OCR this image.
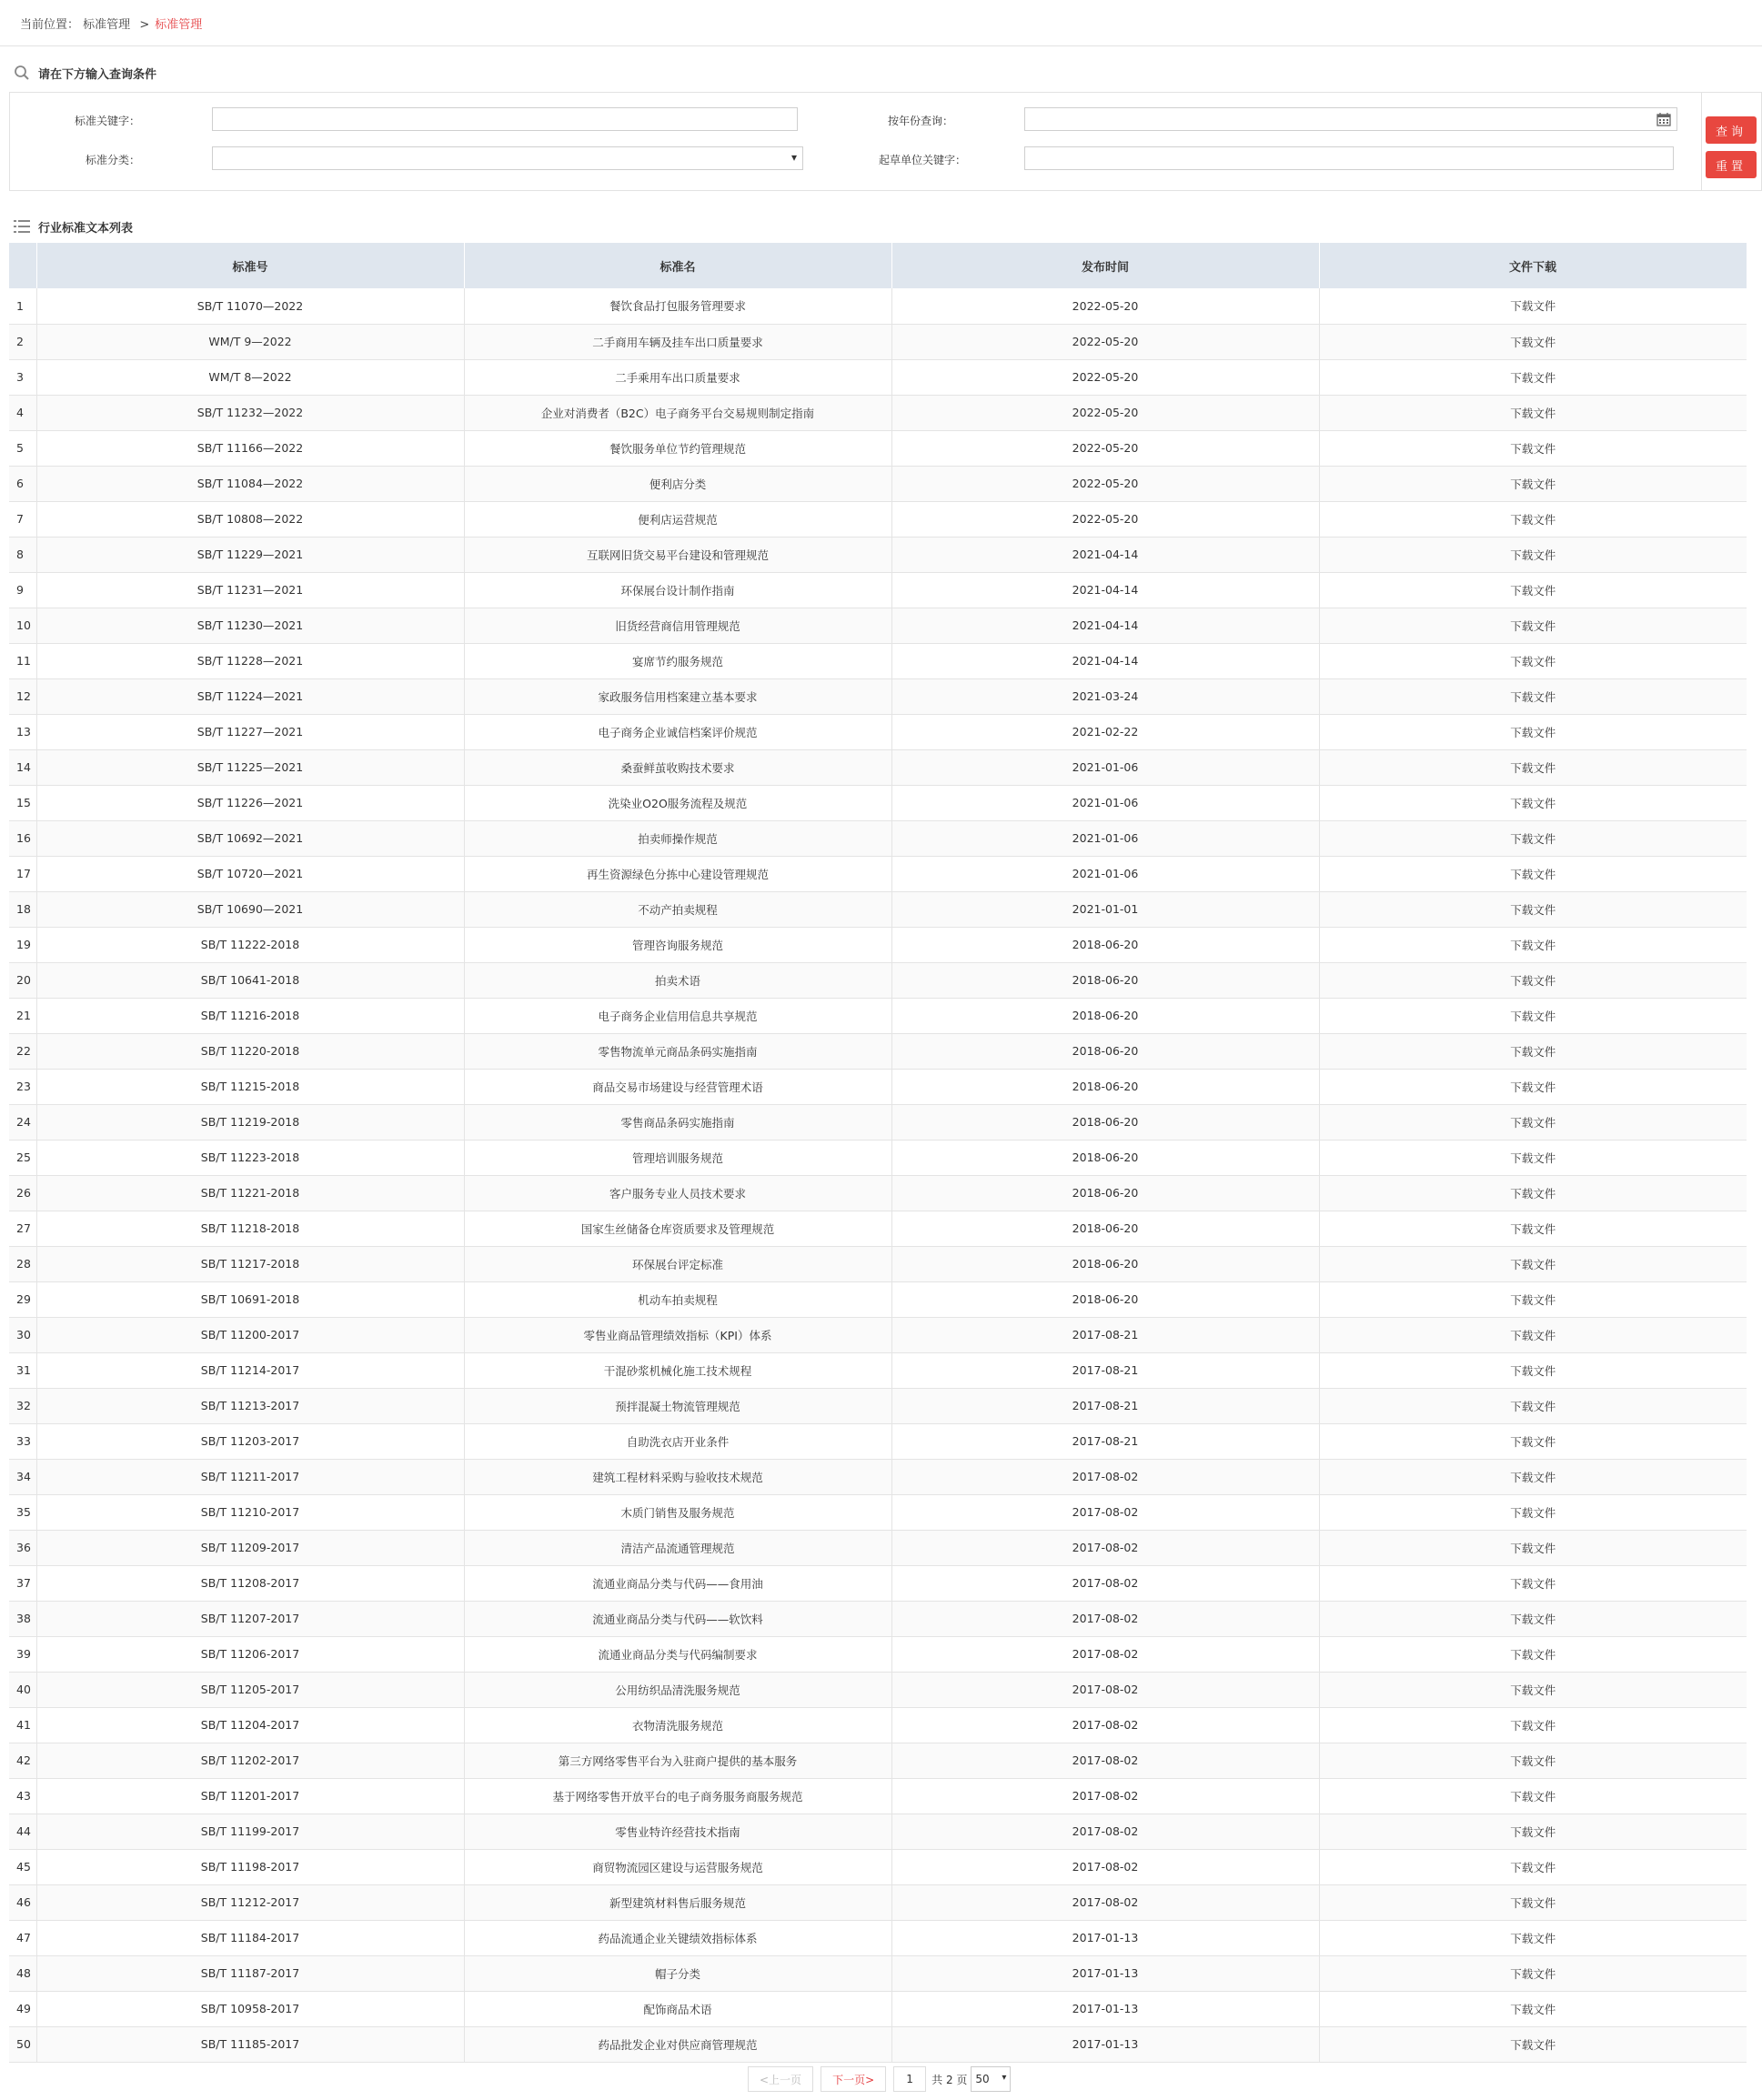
当前位置： 标准管理 > 标准管理
请在下方输入查询条件
标准关键字：	按年份查询：
标准分类：	▾	起草单位关键字：
查询
重置
行业标准文本列表
	标准号	标准名	发布时间	文件下载
1	SB/T 11070—2022	餐饮食品打包服务管理要求	2022-05-20	下载文件
2	WM/T 9—2022	二手商用车辆及挂车出口质量要求	2022-05-20	下载文件
3	WM/T 8—2022	二手乘用车出口质量要求	2022-05-20	下载文件
4	SB/T 11232—2022	企业对消费者（B2C）电子商务平台交易规则制定指南	2022-05-20	下载文件
5	SB/T 11166—2022	餐饮服务单位节约管理规范	2022-05-20	下载文件
6	SB/T 11084—2022	便利店分类	2022-05-20	下载文件
7	SB/T 10808—2022	便利店运营规范	2022-05-20	下载文件
8	SB/T 11229—2021	互联网旧货交易平台建设和管理规范	2021-04-14	下载文件
9	SB/T 11231—2021	环保展台设计制作指南	2021-04-14	下载文件
10	SB/T 11230—2021	旧货经营商信用管理规范	2021-04-14	下载文件
11	SB/T 11228—2021	宴席节约服务规范	2021-04-14	下载文件
12	SB/T 11224—2021	家政服务信用档案建立基本要求	2021-03-24	下载文件
13	SB/T 11227—2021	电子商务企业诚信档案评价规范	2021-02-22	下载文件
14	SB/T 11225—2021	桑蚕鲜茧收购技术要求	2021-01-06	下载文件
15	SB/T 11226—2021	洗染业O2O服务流程及规范	2021-01-06	下载文件
16	SB/T 10692—2021	拍卖师操作规范	2021-01-06	下载文件
17	SB/T 10720—2021	再生资源绿色分拣中心建设管理规范	2021-01-06	下载文件
18	SB/T 10690—2021	不动产拍卖规程	2021-01-01	下载文件
19	SB/T 11222-2018	管理咨询服务规范	2018-06-20	下载文件
20	SB/T 10641-2018	拍卖术语	2018-06-20	下载文件
21	SB/T 11216-2018	电子商务企业信用信息共享规范	2018-06-20	下载文件
22	SB/T 11220-2018	零售物流单元商品条码实施指南	2018-06-20	下载文件
23	SB/T 11215-2018	商品交易市场建设与经营管理术语	2018-06-20	下载文件
24	SB/T 11219-2018	零售商品条码实施指南	2018-06-20	下载文件
25	SB/T 11223-2018	管理培训服务规范	2018-06-20	下载文件
26	SB/T 11221-2018	客户服务专业人员技术要求	2018-06-20	下载文件
27	SB/T 11218-2018	国家生丝储备仓库资质要求及管理规范	2018-06-20	下载文件
28	SB/T 11217-2018	环保展台评定标准	2018-06-20	下载文件
29	SB/T 10691-2018	机动车拍卖规程	2018-06-20	下载文件
30	SB/T 11200-2017	零售业商品管理绩效指标（KPI）体系	2017-08-21	下载文件
31	SB/T 11214-2017	干混砂浆机械化施工技术规程	2017-08-21	下载文件
32	SB/T 11213-2017	预拌混凝土物流管理规范	2017-08-21	下载文件
33	SB/T 11203-2017	自助洗衣店开业条件	2017-08-21	下载文件
34	SB/T 11211-2017	建筑工程材料采购与验收技术规范	2017-08-02	下载文件
35	SB/T 11210-2017	木质门销售及服务规范	2017-08-02	下载文件
36	SB/T 11209-2017	清洁产品流通管理规范	2017-08-02	下载文件
37	SB/T 11208-2017	流通业商品分类与代码——食用油	2017-08-02	下载文件
38	SB/T 11207-2017	流通业商品分类与代码——软饮料	2017-08-02	下载文件
39	SB/T 11206-2017	流通业商品分类与代码编制要求	2017-08-02	下载文件
40	SB/T 11205-2017	公用纺织品清洗服务规范	2017-08-02	下载文件
41	SB/T 11204-2017	衣物清洗服务规范	2017-08-02	下载文件
42	SB/T 11202-2017	第三方网络零售平台为入驻商户提供的基本服务	2017-08-02	下载文件
43	SB/T 11201-2017	基于网络零售开放平台的电子商务服务商服务规范	2017-08-02	下载文件
44	SB/T 11199-2017	零售业特许经营技术指南	2017-08-02	下载文件
45	SB/T 11198-2017	商贸物流园区建设与运营服务规范	2017-08-02	下载文件
46	SB/T 11212-2017	新型建筑材料售后服务规范	2017-08-02	下载文件
47	SB/T 11184-2017	药品流通企业关键绩效指标体系	2017-01-13	下载文件
48	SB/T 11187-2017	帽子分类	2017-01-13	下载文件
49	SB/T 10958-2017	配饰商品术语	2017-01-13	下载文件
50	SB/T 11185-2017	药品批发企业对供应商管理规范	2017-01-13	下载文件
<上一页	下一页>	1	共 2 页 50 ▾
